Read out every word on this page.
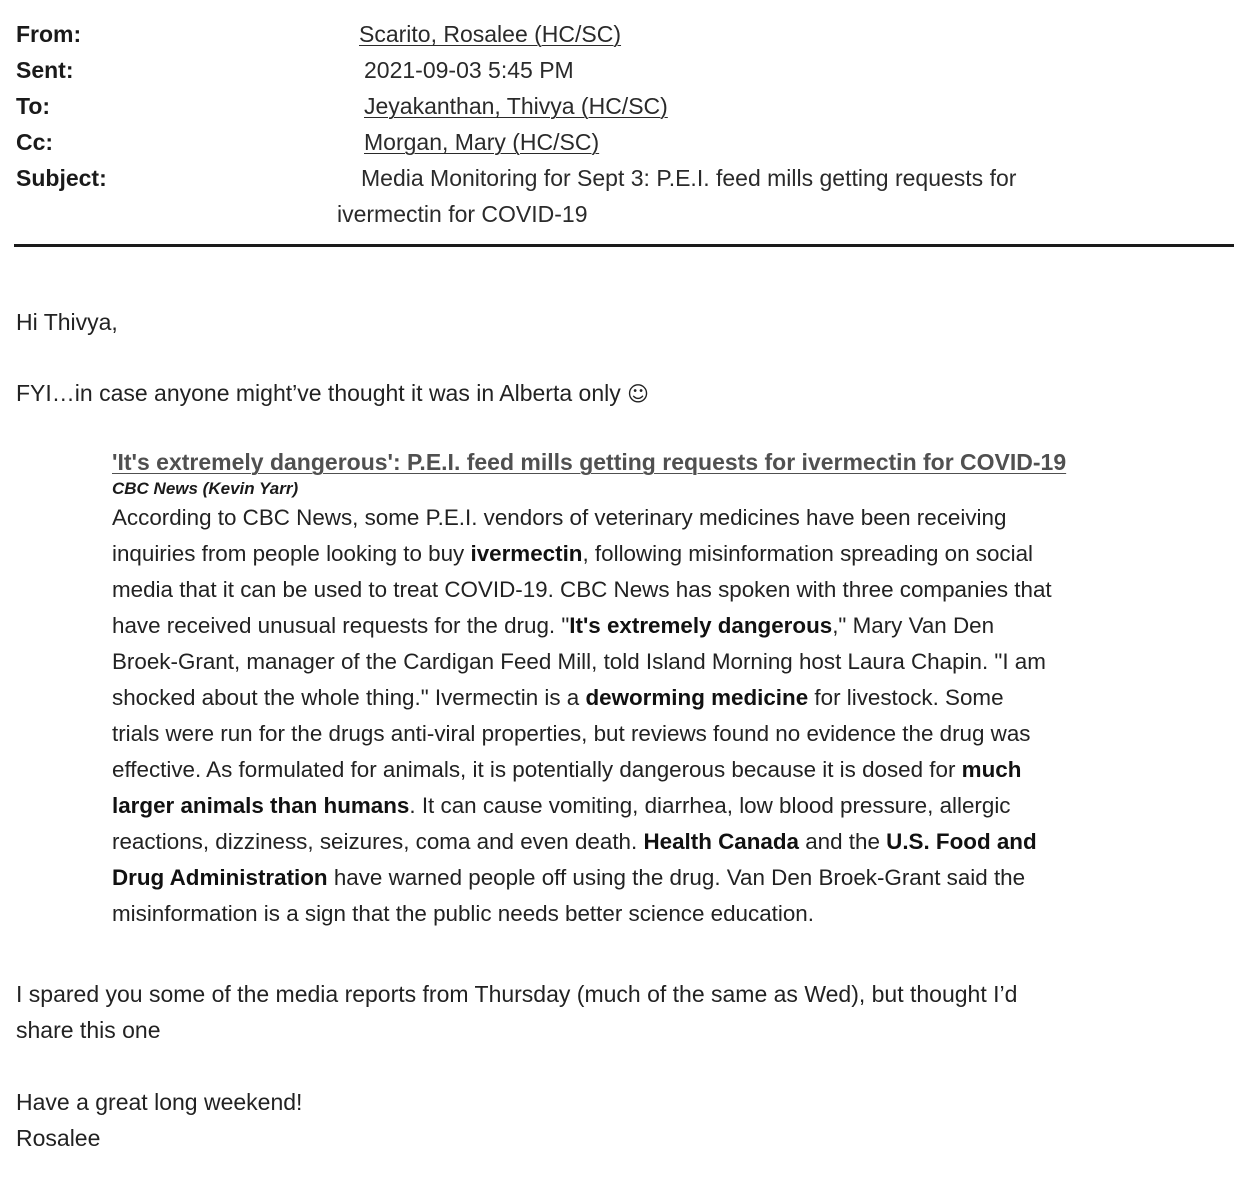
From:	Scarito, Rosalee (HC/SC)
Sent:	2021-09-03 5:45 PM
To:	Jeyakanthan, Thivya (HC/SC)
Cc:	Morgan, Mary (HC/SC)
Subject:	Media Monitoring for Sept 3: P.E.I. feed mills getting requests for
ivermectin for COVID-19
Hi Thivya,
FYI…in case anyone might’ve thought it was in Alberta only ☺
'It's extremely dangerous': P.E.I. feed mills getting requests for ivermectin for COVID-19
CBC News (Kevin Yarr)
According to CBC News, some P.E.I. vendors of veterinary medicines have been receiving
inquiries from people looking to buy ivermectin, following misinformation spreading on social
media that it can be used to treat COVID-19. CBC News has spoken with three companies that
have received unusual requests for the drug. "It's extremely dangerous," Mary Van Den
Broek-Grant, manager of the Cardigan Feed Mill, told Island Morning host Laura Chapin. "I am
shocked about the whole thing." Ivermectin is a deworming medicine for livestock. Some
trials were run for the drugs anti-viral properties, but reviews found no evidence the drug was
effective. As formulated for animals, it is potentially dangerous because it is dosed for much
larger animals than humans. It can cause vomiting, diarrhea, low blood pressure, allergic
reactions, dizziness, seizures, coma and even death. Health Canada and the U.S. Food and
Drug Administration have warned people off using the drug. Van Den Broek-Grant said the
misinformation is a sign that the public needs better science education.
I spared you some of the media reports from Thursday (much of the same as Wed), but thought I’d
share this one
Have a great long weekend!
Rosalee
